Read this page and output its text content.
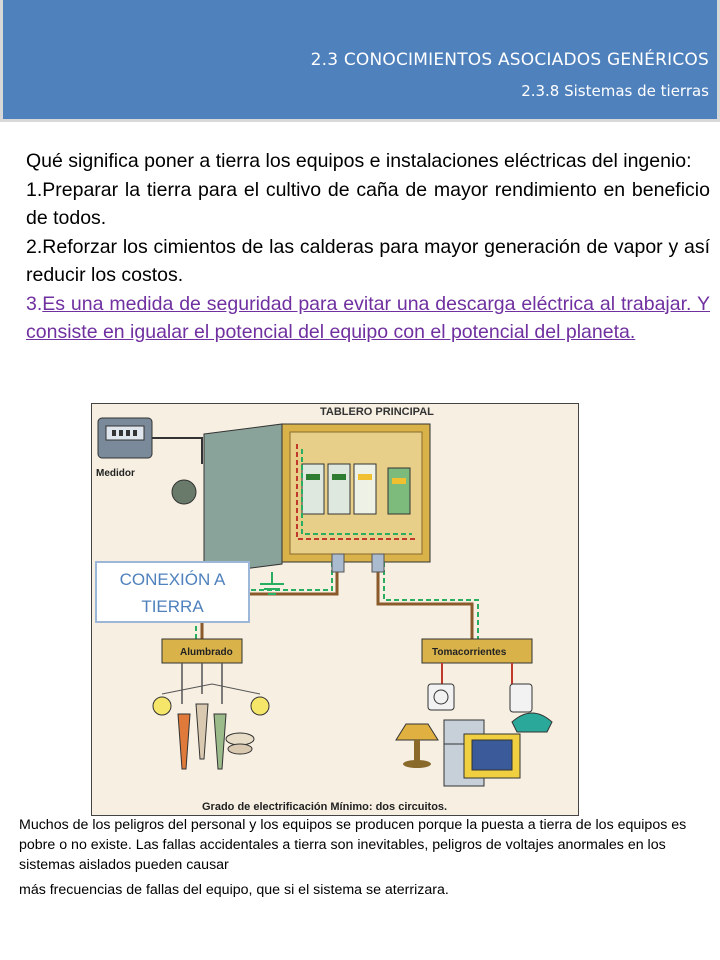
2.3 CONOCIMIENTOS ASOCIADOS GENÉRICOS
2.3.8 Sistemas de tierras

Qué significa poner a tierra los equipos e instalaciones eléctricas del ingenio:

1.Preparar la tierra para el cultivo de caña de mayor rendimiento en beneficio de todos.

2.Reforzar los cimientos de las calderas para mayor generación de vapor y así reducir los costos.

3.Es una medida de seguridad para evitar una descarga eléctrica al trabajar. Y consiste en igualar el potencial del equipo con el potencial del planeta.

TABLERO PRINCIPAL
Medidor
Alumbrado	Tomacorrientes
Grado de electrificación Mínimo: dos circuitos.
CONEXIÓN A TIERRA
Muchos de los peligros del personal y los equipos se producen porque la puesta a tierra de los equipos es pobre o no existe. Las fallas accidentales a tierra son inevitables, peligros de voltajes anormales en los sistemas aislados pueden causar
más frecuencias de fallas del equipo, que si el sistema se aterrizara.
